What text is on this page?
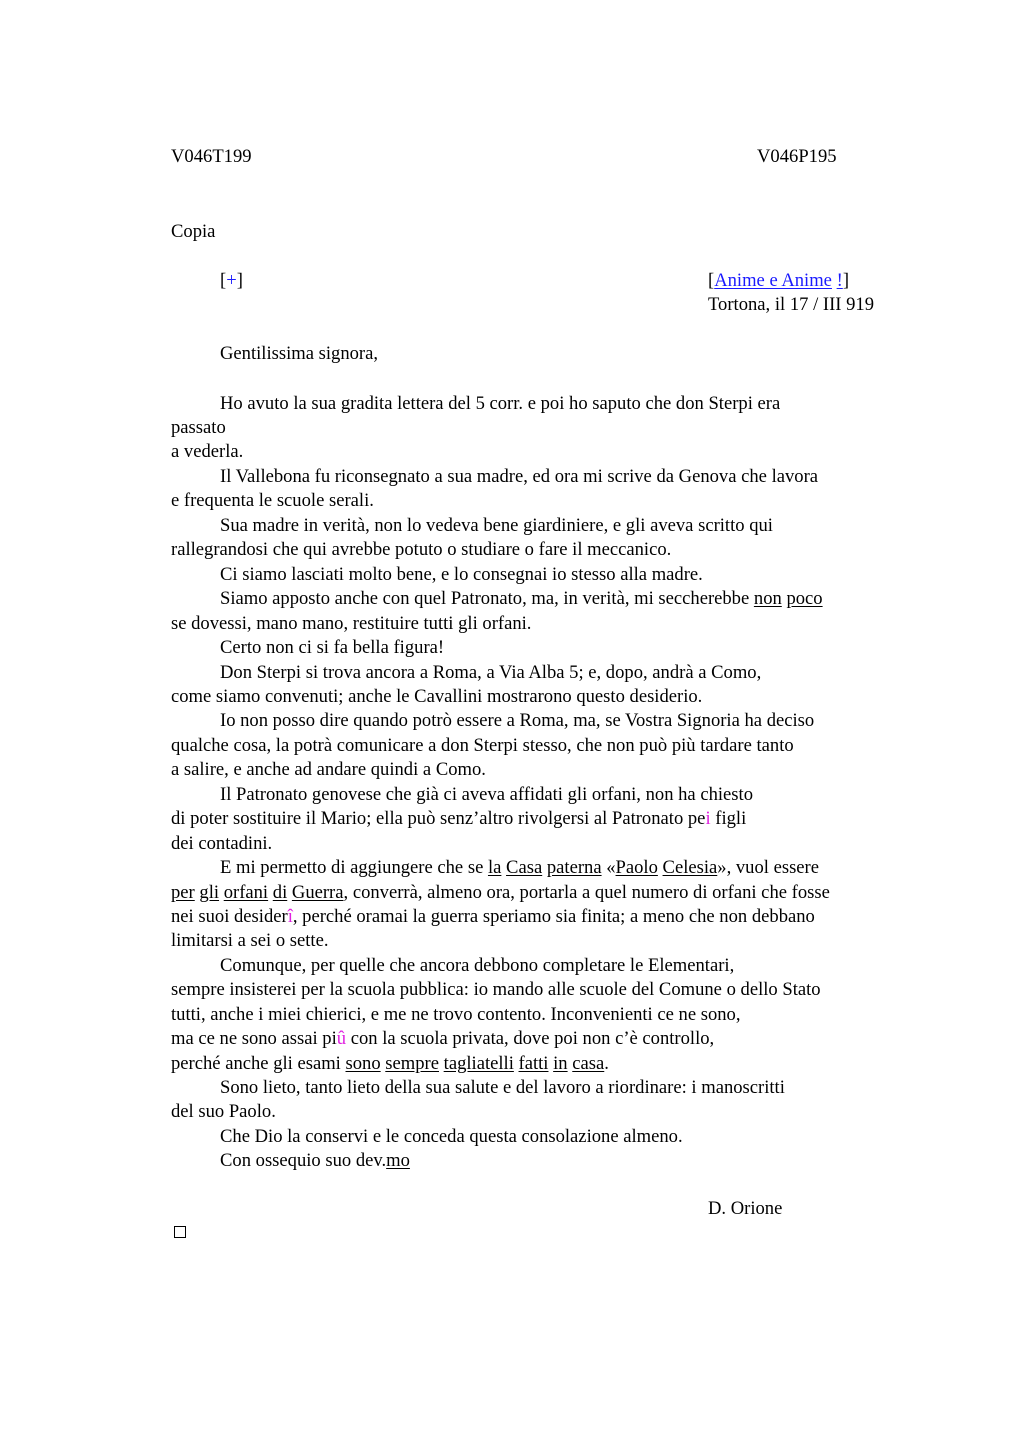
V046T199	V046P195
Copia
[+]	[Anime e Anime !]
Tortona, il 17 / III 919
Gentilissima signora,
Ho avuto la sua gradita lettera del 5 corr. e poi ho saputo che don Sterpi era
passato
a vederla.
Il Vallebona fu riconsegnato a sua madre, ed ora mi scrive da Genova che lavora
e frequenta le scuole serali.
Sua madre in verità, non lo vedeva bene giardiniere, e gli aveva scritto qui
rallegrandosi che qui avrebbe potuto o studiare o fare il meccanico.
Ci siamo lasciati molto bene, e lo consegnai io stesso alla madre.
Siamo apposto anche con quel Patronato, ma, in verità, mi seccherebbe non poco
se dovessi, mano mano, restituire tutti gli orfani.
Certo non ci si fa bella figura!
Don Sterpi si trova ancora a Roma, a Via Alba 5; e, dopo, andrà a Como,
come siamo convenuti; anche le Cavallini mostrarono questo desiderio.
Io non posso dire quando potrò essere a Roma, ma, se Vostra Signoria ha deciso
qualche cosa, la potrà comunicare a don Sterpi stesso, che non può più tardare tanto
a salire, e anche ad andare quindi a Como.
Il Patronato genovese che già ci aveva affidati gli orfani, non ha chiesto
di poter sostituire il Mario; ella può senz’altro rivolgersi al Patronato pei figli
dei contadini.
E mi permetto di aggiungere che se la Casa paterna «Paolo Celesia», vuol essere
per gli orfani di Guerra, converrà, almeno ora, portarla a quel numero di orfani che fosse
nei suoi desiderî, perché oramai la guerra speriamo sia finita; a meno che non debbano
limitarsi a sei o sette.
Comunque, per quelle che ancora debbono completare le Elementari,
sempre insisterei per la scuola pubblica: io mando alle scuole del Comune o dello Stato
tutti, anche i miei chierici, e me ne trovo contento. Inconvenienti ce ne sono,
ma ce ne sono assai piû con la scuola privata, dove poi non c’è controllo,
perché anche gli esami sono sempre tagliatelli fatti in casa.
Sono lieto, tanto lieto della sua salute e del lavoro a riordinare: i manoscritti
del suo Paolo.
Che Dio la conservi e le conceda questa consolazione almeno.
Con ossequio suo dev.mo
D. Orione
